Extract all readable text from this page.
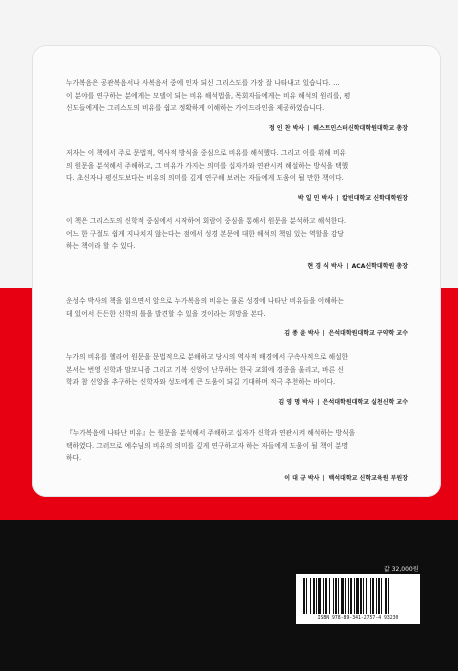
누가복음은 공관복음서나 사복음서 중에 인자 되신 그리스도를 가장 잘 나타내고 있습니다. …

이 분야를 연구하는 분에게는 모델이 되는 비유 해석법을, 목회자들에게는 비유 해석의 원리를, 평

신도들에게는 그리스도의 비유를 쉽고 정확하게 이해하는 가이드라인을 제공하였습니다.

정 인 찬 박사 웨스트민스터신학대학원대학교 총장

저자는 이 책에서 주로 문법적, 역사적 방식을 중심으로 비유를 해석했다. 그리고 이를 위해 비유

의 원문을 분석해서 주해하고, 그 비유가 가지는 의미를 십자가와 연관시켜 해설하는 방식을 택했

다. 초신자나 평신도보다는 비유의 의미를 깊게 연구해 보려는 자들에게 도움이 될 만한 책이다.

박 일 민 박사 칼빈대학교 신학대학원장

이 책은 그리스도의 신학적 중심에서 시작하여 회람이 중심을 통해서 원문을 분석하고 해석한다.

어느 한 구절도 쉽게 지나치지 않는다는 점에서 성경 본문에 대한 해석의 책임 있는 역할을 감당

하는 책이라 할 수 있다.

현 경 식 박사 ACA신학대학원 총장

운성수 박사의 책을 읽으면서 앞으로 누가복음의 비유는 물론 성경에 나타난 비유들을 이해하는

데 있어서 든든한 신학의 틀을 발견할 수 있을 것이라는 희망을 본다.

김 종 윤 박사 은석대학원대학교 구약학 교수

누가의 비유를 헬라어 원문을 문법적으로 분해하고 당시의 역사적 배경에서 구속사적으로 해설한

본서는 번영 신학과 맘모니즘 그리고 기복 신앙이 난무하는 한국 교회에 경종을 울리고, 바른 신

학과 참 신앙을 추구하는 신학자와 성도에게 큰 도움이 되길 기대하며 적극 추천하는 바이다.

김 영 명 박사 은석대학원대학교 실천신학 교수

『누가복음에 나타난 비유』는 원문을 분석해서 주해하고 십자가 신학과 연관시켜 해석하는 방식을

택하였다. 그러므로 예수님의 비유의 의미를 깊게 연구하고자 하는 자들에게 도움이 될 책이 분명

하다.

이 대 규 박사 백석대학교 신학교육원 부원장
값 32,000원
ISBN 978-89-341-2757-4 93230
